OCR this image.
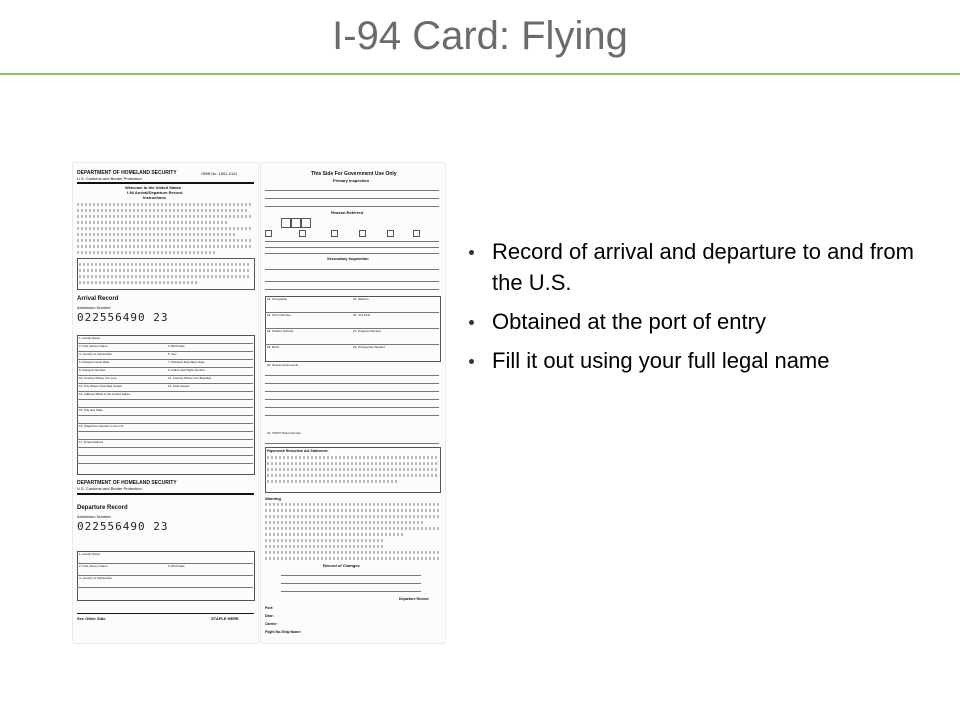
I-94 Card: Flying
DEPARTMENT OF HOMELAND SECURITY
U.S. Customs and Border Protection
OMB No. 1651-0111
Welcome to the United States
I-94 Arrival/Departure Record
Instructions
Arrival Record
Admission Number
022556490 23
1. Family Name
2. First (Given) Name	3. Birth Date
4. Country of Citizenship	5. Sex
6. Passport Issue Date	7. Passport Expiration Date
8. Passport Number	9. Airline and Flight Number
10. Country Where You Live	11. Country Where You Boarded
12. City Where Visa Was Issued	13. Date Issued
14. Address While in the United States
15. City and State
16. Telephone Number in the U.S.
17. Email Address
DEPARTMENT OF HOMELAND SECURITY
U.S. Customs and Border Protection
Departure Record
Admission Number
022556490 23
1. Family Name
2. First (Given) Name	3. Birth Date
4. Country of Citizenship
See Other Side	STAPLE HERE
This Side For Government Use Only
Primary Inspection
Reason Referred
Secondary Inspection
22. Occupation	23. Waivers
24. CIS A Number	25. CIS FCO
26. Petition Number	27. Program Number
28. Bond	29. Prospective Student
30. Itinerary/Comments
31. TWOV Ticket Number
Paperwork Reduction Act Statement:
Warning
Record of Changes
Departure Record
Port:
Date:
Carrier:
Flight No./Ship Name:
Record of arrival and departure to and from the U.S.
Obtained at the port of entry
Fill it out using your full legal name
